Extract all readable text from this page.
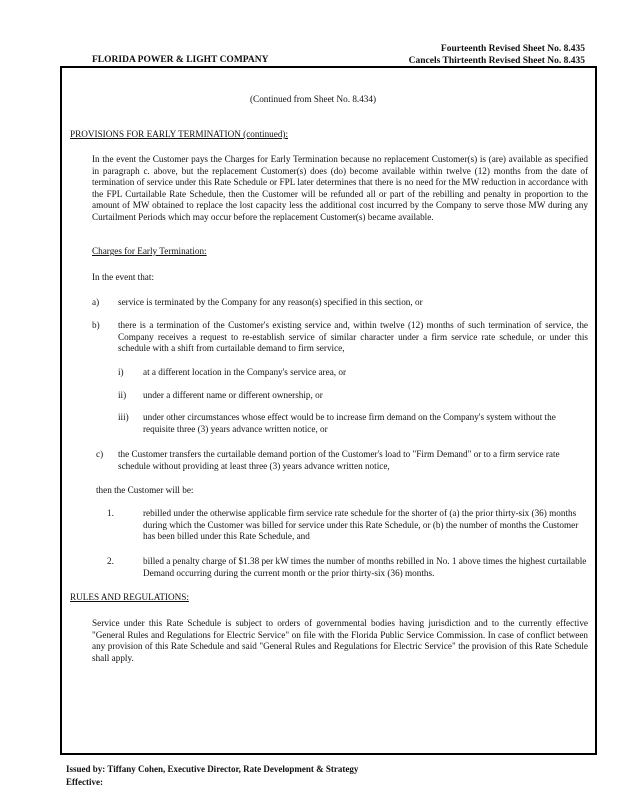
Fourteenth Revised Sheet No. 8.435
Cancels Thirteenth Revised Sheet No. 8.435
FLORIDA POWER & LIGHT COMPANY
(Continued from Sheet No. 8.434)
PROVISIONS FOR EARLY TERMINATION (continued):
In the event the Customer pays the Charges for Early Termination because no replacement Customer(s) is (are) available as specified in paragraph c. above, but the replacement Customer(s) does (do) become available within twelve (12) months from the date of termination of service under this Rate Schedule or FPL later determines that there is no need for the MW reduction in accordance with the FPL Curtailable Rate Schedule, then the Customer will be refunded all or part of the rebilling and penalty in proportion to the amount of MW obtained to replace the lost capacity less the additional cost incurred by the Company to serve those MW during any Curtailment Periods which may occur before the replacement Customer(s) became available.
Charges for Early Termination:
In the event that:
a) service is terminated by the Company for any reason(s) specified in this section, or
b) there is a termination of the Customer's existing service and, within twelve (12) months of such termination of service, the Company receives a request to re-establish service of similar character under a firm service rate schedule, or under this schedule with a shift from curtailable demand to firm service,
i) at a different location in the Company's service area, or
ii) under a different name or different ownership, or
iii) under other circumstances whose effect would be to increase firm demand on the Company's system without the requisite three (3) years advance written notice, or
c) the Customer transfers the curtailable demand portion of the Customer's load to "Firm Demand" or to a firm service rate schedule without providing at least three (3) years advance written notice,
then the Customer will be:
1.	rebilled under the otherwise applicable firm service rate schedule for the shorter of (a) the prior thirty-six (36) months during which the Customer was billed for service under this Rate Schedule, or (b) the number of months the Customer has been billed under this Rate Schedule, and
2.	billed a penalty charge of $1.38 per kW times the number of months rebilled in No. 1 above times the highest curtailable Demand occurring during the current month or the prior thirty-six (36) months.
RULES AND REGULATIONS:
Service under this Rate Schedule is subject to orders of governmental bodies having jurisdiction and to the currently effective "General Rules and Regulations for Electric Service" on file with the Florida Public Service Commission. In case of conflict between any provision of this Rate Schedule and said "General Rules and Regulations for Electric Service" the provision of this Rate Schedule shall apply.
Issued by: Tiffany Cohen, Executive Director, Rate Development & Strategy
Effective:
